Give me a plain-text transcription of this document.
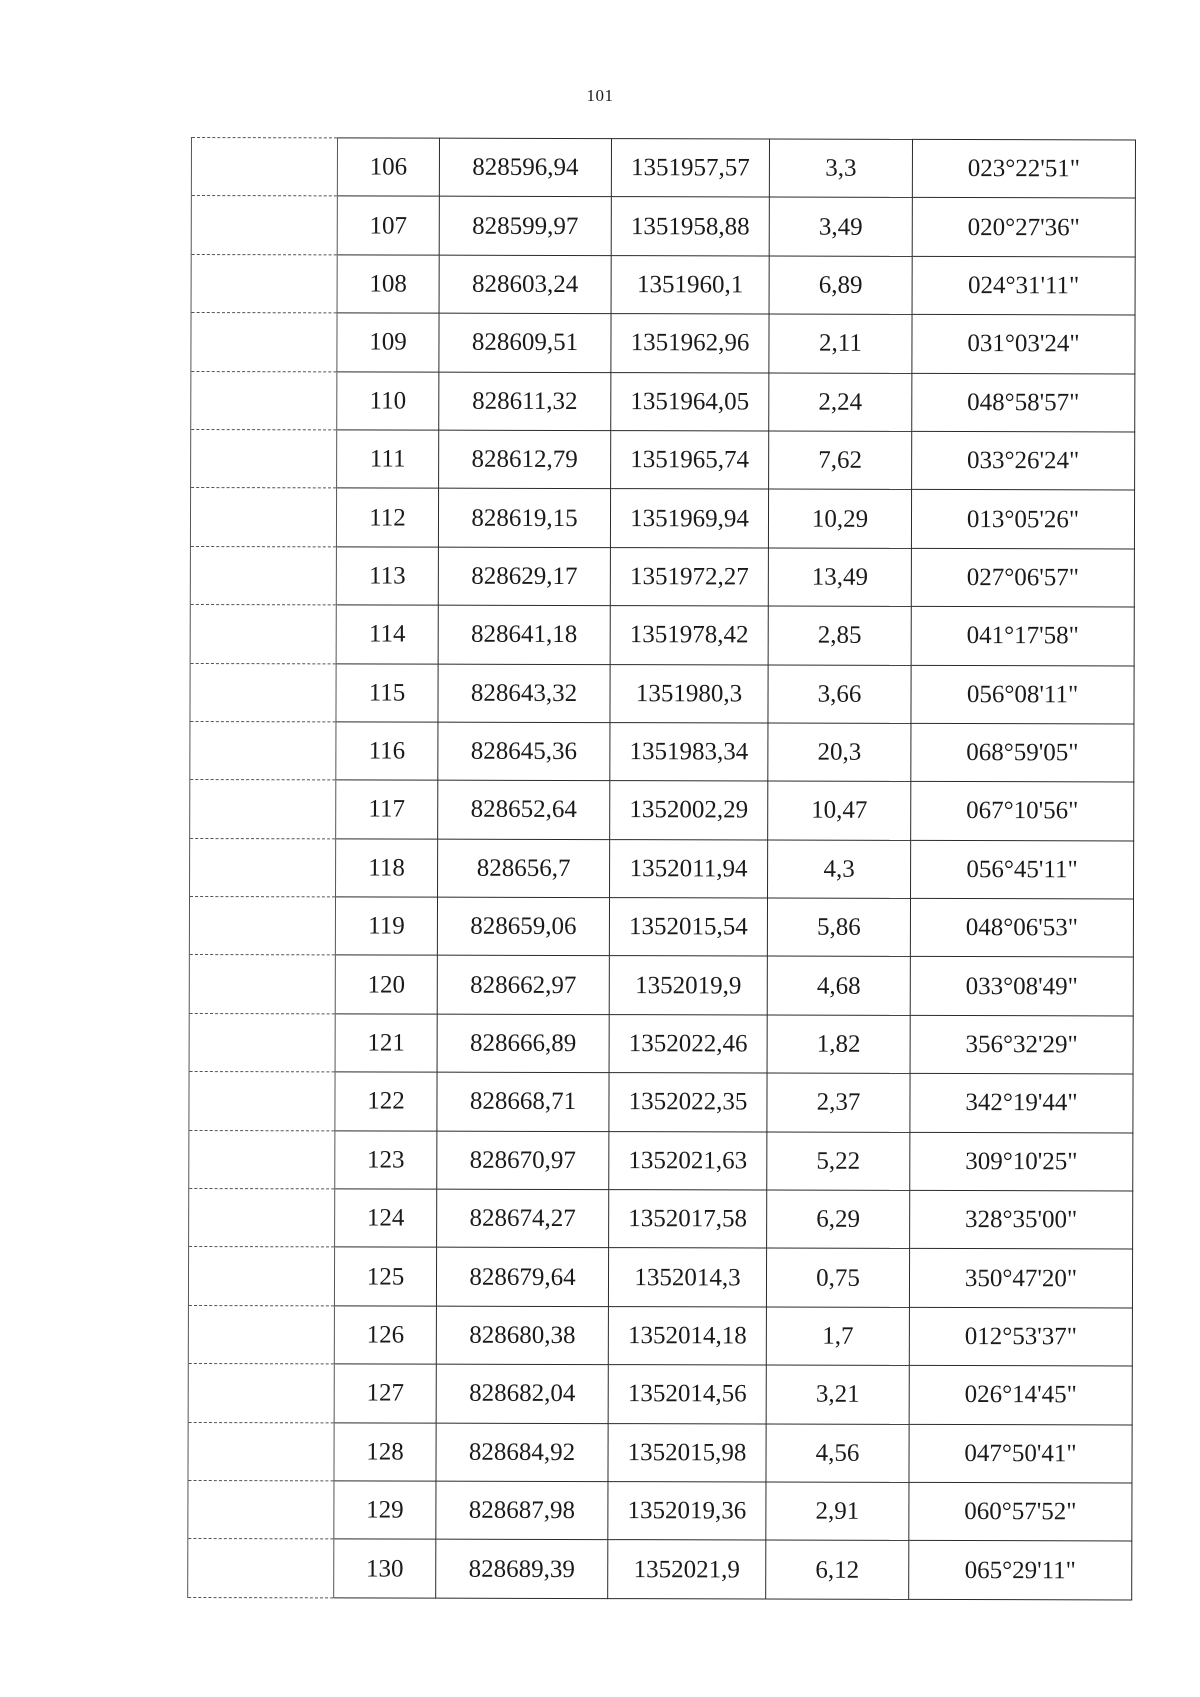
101
	106	828596,94	1351957,57	3,3	023°22'51"
	107	828599,97	1351958,88	3,49	020°27'36"
	108	828603,24	1351960,1	6,89	024°31'11"
	109	828609,51	1351962,96	2,11	031°03'24"
	110	828611,32	1351964,05	2,24	048°58'57"
	111	828612,79	1351965,74	7,62	033°26'24"
	112	828619,15	1351969,94	10,29	013°05'26"
	113	828629,17	1351972,27	13,49	027°06'57"
	114	828641,18	1351978,42	2,85	041°17'58"
	115	828643,32	1351980,3	3,66	056°08'11"
	116	828645,36	1351983,34	20,3	068°59'05"
	117	828652,64	1352002,29	10,47	067°10'56"
	118	828656,7	1352011,94	4,3	056°45'11"
	119	828659,06	1352015,54	5,86	048°06'53"
	120	828662,97	1352019,9	4,68	033°08'49"
	121	828666,89	1352022,46	1,82	356°32'29"
	122	828668,71	1352022,35	2,37	342°19'44"
	123	828670,97	1352021,63	5,22	309°10'25"
	124	828674,27	1352017,58	6,29	328°35'00"
	125	828679,64	1352014,3	0,75	350°47'20"
	126	828680,38	1352014,18	1,7	012°53'37"
	127	828682,04	1352014,56	3,21	026°14'45"
	128	828684,92	1352015,98	4,56	047°50'41"
	129	828687,98	1352019,36	2,91	060°57'52"
	130	828689,39	1352021,9	6,12	065°29'11"
